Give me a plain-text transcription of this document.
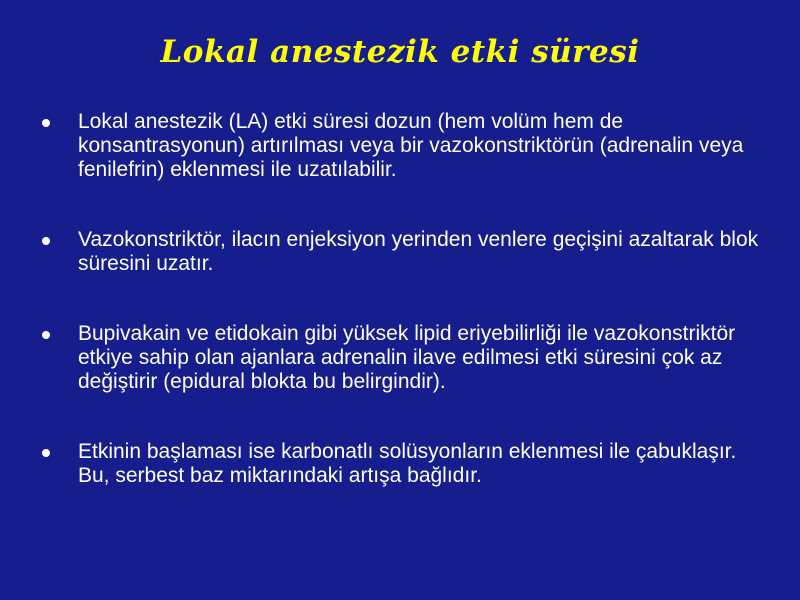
Lokal anestezik etki süresi
Lokal anestezik (LA) etki süresi dozun (hem volüm hem de konsantrasyonun) artırılması veya bir vazokonstriktörün (adrenalin veya fenilefrin) eklenmesi ile uzatılabilir.
Vazokonstriktör, ilacın enjeksiyon yerinden venlere geçişini azaltarak blok süresini uzatır.
Bupivakain ve etidokain gibi yüksek lipid eriyebilirliği ile vazokonstriktör etkiye sahip olan ajanlara adrenalin ilave edilmesi etki süresini çok az değiştirir (epidural blokta bu belirgindir).
Etkinin başlaması ise karbonatlı solüsyonların eklenmesi ile çabuklaşır. Bu, serbest baz miktarındaki artışa bağlıdır.
